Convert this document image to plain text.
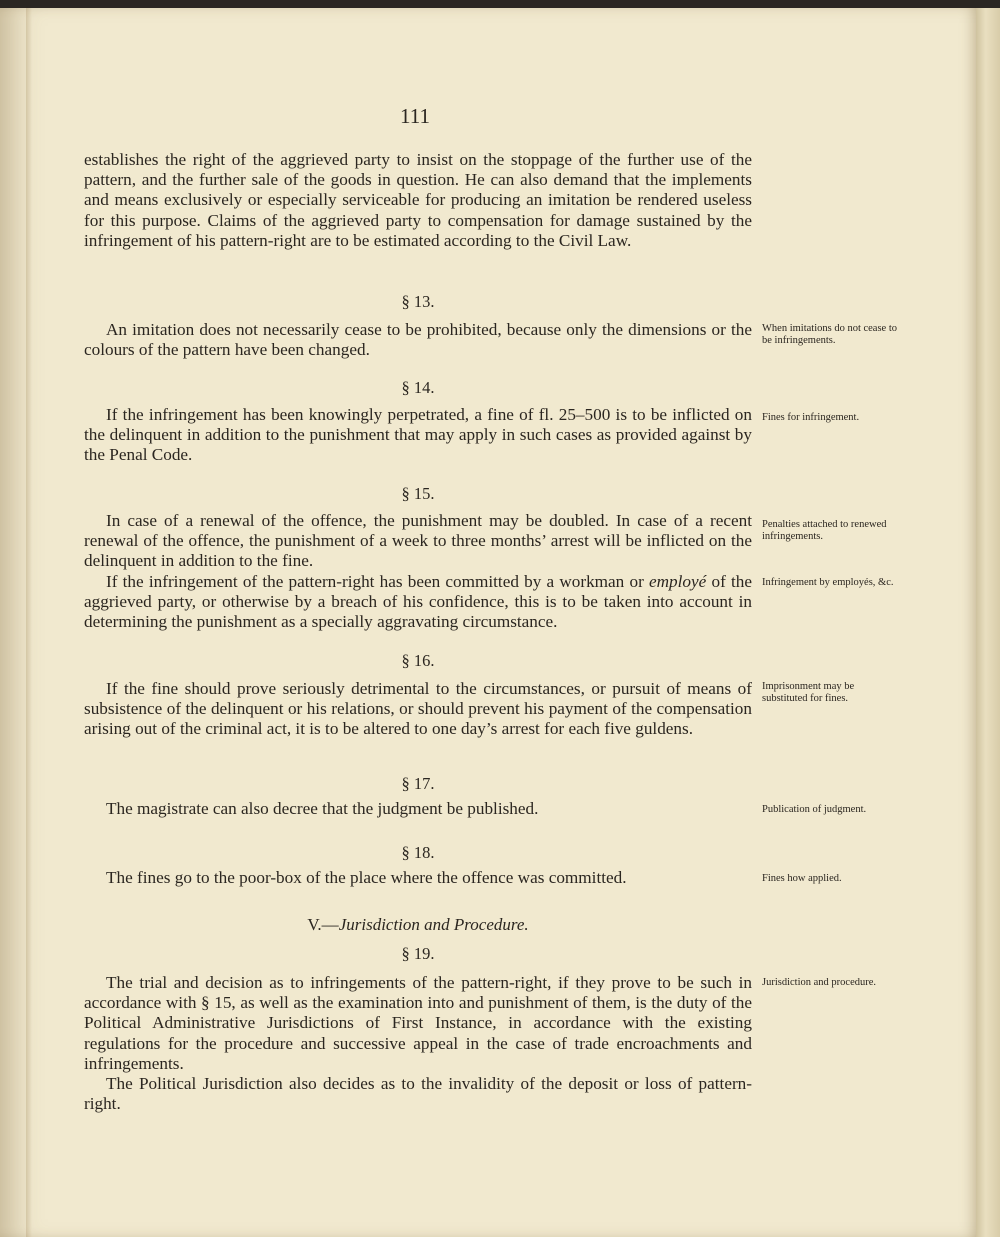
111

establishes the right of the aggrieved party to insist on the stoppage of the further use of the pattern, and the further sale of the goods in question. He can also demand that the implements and means exclusively or especially serviceable for producing an imitation be rendered useless for this purpose. Claims of the aggrieved party to compensation for damage sustained by the infringement of his pattern-right are to be estimated according to the Civil Law.

§ 13.

An imitation does not necessarily cease to be prohibited, because only the dimensions or the colours of the pattern have been changed.

§ 14.

If the infringement has been knowingly perpetrated, a fine of fl. 25–500 is to be inflicted on the delinquent in addition to the punishment that may apply in such cases as provided against by the Penal Code.

§ 15.

In case of a renewal of the offence, the punishment may be doubled. In case of a recent renewal of the offence, the punishment of a week to three months’ arrest will be inflicted on the delinquent in addition to the fine.

If the infringement of the pattern-right has been committed by a workman or employé of the aggrieved party, or otherwise by a breach of his confidence, this is to be taken into account in determining the punishment as a specially aggravating circumstance.

§ 16.

If the fine should prove seriously detrimental to the circumstances, or pursuit of means of subsistence of the delinquent or his relations, or should prevent his payment of the compensation arising out of the criminal act, it is to be altered to one day’s arrest for each five guldens.

§ 17.

The magistrate can also decree that the judgment be published.

§ 18.

The fines go to the poor-box of the place where the offence was committed.

V.—Jurisdiction and Procedure.
§ 19.

The trial and decision as to infringements of the pattern-right, if they prove to be such in accordance with § 15, as well as the examination into and punishment of them, is the duty of the Political Administrative Jurisdictions of First Instance, in accordance with the existing regulations for the procedure and successive appeal in the case of trade encroachments and infringements.

The Political Jurisdiction also decides as to the invalidity of the deposit or loss of pattern-right.

When imitations do not cease to be infringements.
Fines for infringement.
Penalties attached to renewed infringements.
Infringement by employés, &c.
Imprisonment may be substituted for fines.
Publication of judgment.
Fines how applied.
Jurisdiction and procedure.
